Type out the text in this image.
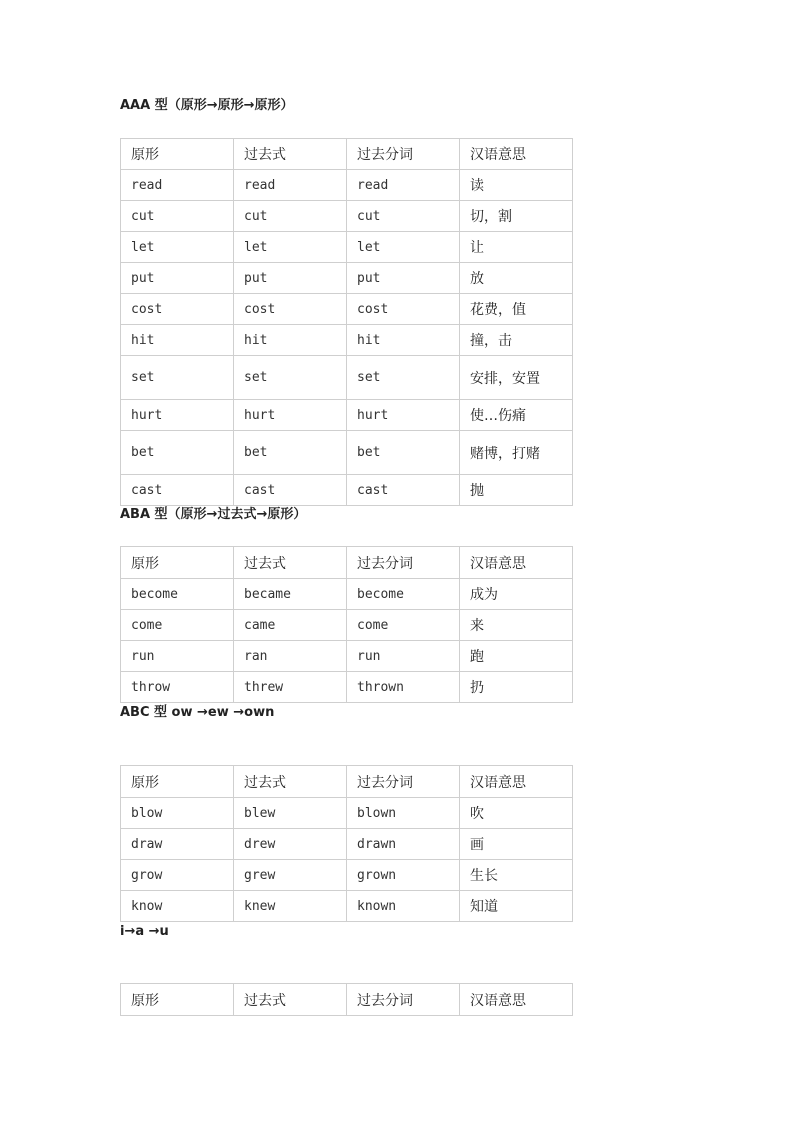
AAA 型（原形→原形→原形）
原形	过去式	过去分词	汉语意思
read	read	read	读
cut	cut	cut	切，割
let	let	let	让
put	put	put	放
cost	cost	cost	花费，值
hit	hit	hit	撞，击
set	set	set	安排，安置
hurt	hurt	hurt	使…伤痛
bet	bet	bet	赌博，打赌
cast	cast	cast	抛
ABA 型（原形→过去式→原形）
原形	过去式	过去分词	汉语意思
become	became	become	成为
come	came	come	来
run	ran	run	跑
throw	threw	thrown	扔
ABC 型 ow →ew →own
原形	过去式	过去分词	汉语意思
blow	blew	blown	吹
draw	drew	drawn	画
grow	grew	grown	生长
know	knew	known	知道
i→a →u
原形	过去式	过去分词	汉语意思
